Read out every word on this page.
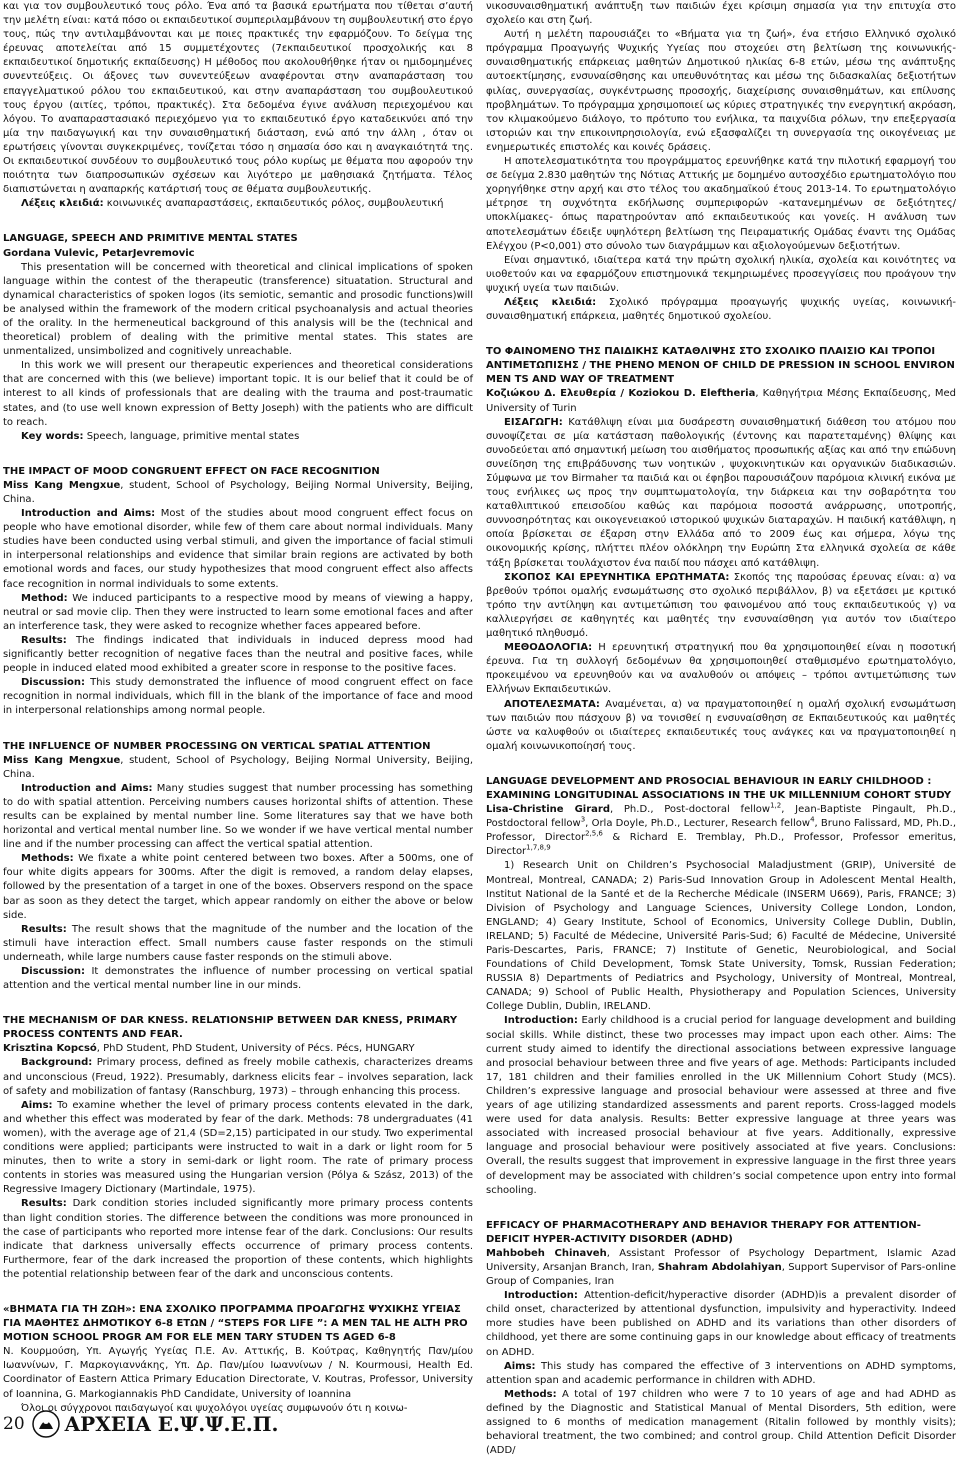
και για τον συμβουλευτικό τους ρόλο. Ένα από τα βασικά ερωτήματα που τίθεται σ’αυτή την μελέτη είναι: κατά πόσο οι εκπαιδευτικοί συμπεριλαμβάνουν τη συμβουλευτική στο έργο τους, πώς την αντιλαμβάνονται και με ποιες πρακτικές την εφαρμόζουν. Το δείγμα της έρευνας αποτελείται από 15 συμμετέχοντες (7εκπαιδευτικοί προσχολικής και 8 εκπαιδευτικοί δημοτικής εκπαίδευσης) Η μέθοδος που ακολουθήθηκε ήταν οι ημιδομημένες συνεντεύξεις. Οι άξονες των συνεντεύξεων αναφέρονται στην αναπαράσταση του επαγγελματικού ρόλου του εκπαιδευτικού, και στην αναπαράσταση του συμβουλευτικού τους έργου (αιτίες, τρόποι, πρακτικές). Στα δεδομένα έγινε ανάλυση περιεχομένου και λόγου. Το αναπαραστασιακό περιεχόμενο για το εκπαιδευτικό έργο καταδεικνύει από την μία την παιδαγωγική και την συναισθηματική διάσταση, ενώ από την άλλη , όταν οι ερωτήσεις γίνονται συγκεκριμένες, τονίζεται τόσο η σημασία όσο και η αναγκαιότητά της. Οι εκπαιδευτικοί συνδέουν το συμβουλευτικό τους ρόλο κυρίως με θέματα που αφορούν την ποιότητα των διαπροσωπικών σχέσεων και λιγότερο με μαθησιακά ζητήματα. Τέλος διαπιστώνεται η αναπαρκής κατάρτισή τους σε θέματα συμβουλευτικής.

Λέξεις κλειδιά: κοινωνικές αναπαραστάσεις, εκπαιδευτικός ρόλος, συμβουλευτική

LANGUAGE, SPEECH AND PRIMITIVE MENTAL STATES

Gordana Vulevic, PetarJevremovic

This presentation will be concerned with theoretical and clinical implications of spoken language within the contest of the therapeutic (transference) situatation. Structural and dynamical characteristics of spoken logos (its semiotic, semantic and prosodic functions)will be analysed within the framework of the modern critical psychoanalysis and actual theories of the orality. In the hermeneutical background of this analysis will be the (technical and theoretical) problem of dealing with the primitive mental states. This states are unmentalized, unsimbolized and cognitively unreachable.

In this work we will present our therapeutic experiences and theoretical considerations that are concerned with this (we believe) important topic. It is our belief that it could be of interest to all kinds of professionals that are dealing with the trauma and post-traumatic states, and (to use well known expression of Betty Joseph) with the patients who are difficult to reach.

Key words: Speech, language, primitive mental states

THE IMPACT OF MOOD CONGRUENT EFFECT ON FACE RECOGNITION

Miss Kang Mengxue, student, School of Psychology, Beijing Normal University, Beijing, China.

Introduction and Aims: Most of the studies about mood congruent effect focus on people who have emotional disorder, while few of them care about normal individuals. Many studies have been conducted using verbal stimuli, and given the importance of facial stimuli in interpersonal relationships and evidence that similar brain regions are activated by both emotional words and faces, our study hypothesizes that mood congruent effect also affects face recognition in normal individuals to some extents.

Method: We induced participants to a respective mood by means of viewing a happy, neutral or sad movie clip. Then they were instructed to learn some emotional faces and after an interference task, they were asked to recognize whether faces appeared before.

Results: The findings indicated that individuals in induced depress mood had significantly better recognition of negative faces than the neutral and positive faces, while people in induced elated mood exhibited a greater score in response to the positive faces.

Discussion: This study demonstrated the influence of mood congruent effect on face recognition in normal individuals, which fill in the blank of the importance of face and mood in interpersonal relationships among normal people.

THE INFLUENCE OF NUMBER PROCESSING ON VERTICAL SPATIAL ATTENTION

Miss Kang Mengxue, student, School of Psychology, Beijing Normal University, Beijing, China.

Introduction and Aims: Many studies suggest that number processing has something to do with spatial attention. Perceiving numbers causes horizontal shifts of attention. These results can be explained by mental number line. Some literatures say that we have both horizontal and vertical mental number line. So we wonder if we have vertical mental number line and if the number processing can affect the vertical spatial attention.

Methods: We fixate a white point centered between two boxes. After a 500ms, one of four white digits appears for 300ms. After the digit is removed, a random delay elapses, followed by the presentation of a target in one of the boxes. Observers respond on the space bar as soon as they detect the target, which appear randomly on either the above or below side.

Results: The result shows that the magnitude of the number and the location of the stimuli have interaction effect. Small numbers cause faster responds on the stimuli underneath, while large numbers cause faster responds on the stimuli above.

Discussion: It demonstrates the influence of number processing on vertical spatial attention and the vertical mental number line in our minds.

THE MECHANISM OF DAR KNESS. RELATIONSHIP BETWEEN DAR KNESS, PRIMARY PROCESS CONTENTS AND FEAR.

Krisztina Kopcsó, PhD Student, PhD Student, University of Pécs. Pécs, HUNGARY

Background: Primary process, defined as freely mobile cathexis, characterizes dreams and unconscious (Freud, 1922). Presumably, darkness elicits fear – involves separation, lack of safety and mobilization of fantasy (Ranschburg, 1973) – through enhancing this process.

Aims: To examine whether the level of primary process contents elevated in the dark, and whether this effect was moderated by fear of the dark. Methods: 78 undergraduates (41 women), with the average age of 21,4 (SD=2,15) participated in our study. Two experimental conditions were applied; participants were instructed to wait in a dark or light room for 5 minutes, then to write a story in semi-dark or light room. The rate of primary process contents in stories was measured using the Hungarian version (Pólya & Szász, 2013) of the Regressive Imagery Dictionary (Martindale, 1975).

Results: Dark condition stories included significantly more primary process contents than light condition stories. The difference between the conditions was more pronounced in the case of participants who reported more intense fear of the dark. Conclusions: Our results indicate that darkness universally effects occurrence of primary process contents. Furthermore, fear of the dark increased the proportion of these contents, which highlights the potential relationship between fear of the dark and unconscious contents.

«ΒΗΜΑΤΑ ΓΙΑ ΤΗ ΖΩΗ»: ΕΝΑ ΣΧΟΛΙΚΟ ΠΡΟΓΡΑΜΜΑ ΠΡΟΑΓΩΓΗΣ ΨΥΧΙΚΗΣ ΥΓΕΙΑΣ ΓΙΑ ΜΑΘΗΤΕΣ ΔΗΜΟΤΙΚΟΥ 6-8 ΕΤΩΝ / “STEPS FOR LIFE ”: A MEN TAL HE ALTH PRO MOTION SCHOOL PROGR AM FOR ELE MEN TARY STUDEN TS AGED 6-8

N. Κουρμούση, Υπ. Αγωγής Υγείας Π.Ε. Αν. Αττικής, Β. Κούτρας, Καθηγητής Παν/μίου Ιωαννίνων, Γ. Μαρκογιαννάκης, Υπ. Δρ. Παν/μίου Ιωαννίνων / N. Kourmousi, Health Ed. Coordinator of Eastern Attica Primary Education Directorate, V. Koutras, Professor, University of Ioannina, G. Markogiannakis PhD Candidate, University of Ioannina

Όλοι οι σύγχρονοι παιδαγωγοί και ψυχολόγοι υγείας συμφωνούν ότι η κοινω-

νικοσυναισθηματική ανάπτυξη των παιδιών έχει κρίσιμη σημασία για την επιτυχία στο σχολείο και στη ζωή.

Αυτή η μελέτη παρουσιάζει το «Βήματα για τη ζωή», ένα ετήσιο Ελληνικό σχολικό πρόγραμμα Προαγωγής Ψυχικής Υγείας που στοχεύει στη βελτίωση της κοινωνικής-συναισθηματικής επάρκειας μαθητών Δημοτικού ηλικίας 6-8 ετών, μέσω της ανάπτυξης αυτοεκτίμησης, ενσυναίσθησης και υπευθυνότητας και μέσω της διδασκαλίας δεξιοτήτων φιλίας, συνεργασίας, συγκέντρωσης προσοχής, διαχείρισης συναισθημάτων, και επίλυσης προβλημάτων. Το πρόγραμμα χρησιμοποιεί ως κύριες στρατηγικές την ενεργητική ακρόαση, τον κλιμακούμενο διάλογο, το πρότυπο του ενήλικα, τα παιχνίδια ρόλων, την επεξεργασία ιστοριών και την επικοινπρησιολογία, ενώ εξασφαλίζει τη συνεργασία της οικογένειας με ενημερωτικές επιστολές και κοινές δράσεις.

Η αποτελεσματικότητα του προγράμματος ερευνήθηκε κατά την πιλοτική εφαρμογή του σε δείγμα 2.830 μαθητών της Νότιας Αττικής με δομημένο αυτοσχέδιο ερωτηματολόγιο που χορηγήθηκε στην αρχή και στο τέλος του ακαδημαϊκού έτους 2013-14. Το ερωτηματολόγιο μέτρησε τη συχνότητα εκδήλωσης συμπεριφορών -κατανεμημένων σε δεξιότητες/υποκλίμακες- όπως παρατηρούνταν από εκπαιδευτικούς και γονείς. Η ανάλυση των αποτελεσμάτων έδειξε υψηλότερη βελτίωση της Πειραματικής Ομάδας έναντι της Ομάδας Ελέγχου (P<0,001) στο σύνολο των διαγράμμων και αξιολογούμενων δεξιοτήτων.

Είναι σημαντικό, ιδιαίτερα κατά την πρώτη σχολική ηλικία, σχολεία και κοινότητες να υιοθετούν και να εφαρμόζουν επιστημονικά τεκμηριωμένες προσεγγίσεις που προάγουν την ψυχική υγεία των παιδιών.

Λέξεις κλειδιά: Σχολικό πρόγραμμα προαγωγής ψυχικής υγείας, κοινωνική-συναισθηματική επάρκεια, μαθητές δημοτικού σχολείου.

ΤΟ ΦΑΙΝΟΜΕΝΟ ΤΗΣ ΠΑΙΔΙΚΗΣ ΚΑΤΑΘΛΙΨΗΣ ΣΤΟ ΣΧΟΛΙΚΟ ΠΛΑΙΣΙΟ ΚΑΙ ΤΡΟΠΟΙ ΑΝΤΙΜΕΤΩΠΙΣΗΣ / THE PHENO MENON OF CHILD DE PRESSION IN SCHOOL ENVIRON MEN TS AND WAY OF TREATMENT

Κοζιώκου Δ. Ελευθερία / Koziokou D. Eleftheria, Καθηγήτρια Μέσης Εκπαίδευσης, Med University of Turin

ΕΙΣΑΓΩΓΗ: Κατάθλιψη είναι μια δυσάρεστη συναισθηματική διάθεση του ατόμου που συνοψίζεται σε μία κατάσταση παθολογικής (έντονης και παρατεταμένης) θλίψης και συνοδεύεται από σημαντική μείωση του αισθήματος προσωπικής αξίας και από την επώδυνη συνείδηση της επιβράδυνσης των νοητικών , ψυχοκινητικών και οργανικών διαδικασιών. Σύμφωνα με τον Birmaher τα παιδιά και οι έφηβοι παρουσιάζουν παρόμοια κλινική εικόνα με τους ενήλικες ως προς την συμπτωματολογία, την διάρκεια και την σοβαρότητα του καταθλιπτικού επεισοδίου καθώς και παρόμοια ποσοστά ανάρρωσης, υποτροπής, συννοσηρότητας και οικογενειακού ιστορικού ψυχικών διαταραχών. Η παιδική κατάθλιψη, η οποία βρίσκεται σε έξαρση στην Ελλάδα από το 2009 έως και σήμερα, λόγω της οικονομικής κρίσης, πλήττει πλέον ολόκληρη την Ευρώπη Στα ελληνικά σχολεία σε κάθε τάξη βρίσκεται τουλάχιστον ένα παιδί που πάσχει από κατάθλιψη.

ΣΚΟΠΟΣ ΚΑΙ ΕΡΕΥΝΗΤΙΚΑ ΕΡΩΤΗΜΑΤΑ: Σκοπός της παρούσας έρευνας είναι: α) να βρεθούν τρόποι ομαλής ενσωμάτωσης στο σχολικό περιβάλλον, β) να εξετάσει με κριτικό τρόπο την αντίληψη και αντιμετώπιση του φαινομένου από τους εκπαιδευτικούς γ) να καλλιεργήσει σε καθηγητές και μαθητές την ενσυναίσθηση για αυτόν τον ιδιαίτερο μαθητικό πληθυσμό.

ΜΕΘΟΔΟΛΟΓΙΑ: Η ερευνητική στρατηγική που θα χρησιμοποιηθεί είναι η ποσοτική έρευνα. Για τη συλλογή δεδομένων θα χρησιμοποιηθεί σταθμισμένο ερωτηματολόγιο, προκειμένου να ερευνηθούν και να αναλυθούν οι απόψεις – τρόποι αντιμετώπισης των Ελλήνων Εκπαιδευτικών.

ΑΠΟΤΕΛΕΣΜΑΤΑ: Αναμένεται, α) να πραγματοποιηθεί η ομαλή σχολική ενσωμάτωση των παιδιών που πάσχουν β) να τονισθεί η ενσυναίσθηση σε Εκπαιδευτικούς και μαθητές ώστε να καλυφθούν οι ιδιαίτερες εκπαιδευτικές τους ανάγκες και να πραγματοποιηθεί η ομαλή κοινωνικοποίησή τους.

LANGUAGE DEVELOPMENT AND PROSOCIAL BEHAVIOUR IN EARLY CHILDHOOD : EXAMINING LONGITUDINAL ASSOCIATIONS IN THE UK MILLENNIUM COHORT STUDY

Lisa-Christine Girard, Ph.D., Post-doctoral fellow$^{1,2}$, Jean-Baptiste Pingault, Ph.D., Postdoctoral fellow$^3$, Orla Doyle, Ph.D., Lecturer, Research fellow$^4$, Bruno Falissard, MD, Ph.D., Professor, Director$^{2,5,6}$ & Richard E. Tremblay, Ph.D., Professor, Professor emeritus, Director$^{1,7,8,9}$

1) Research Unit on Children’s Psychosocial Maladjustment (GRIP), Université de Montreal, Montreal, CANADA; 2) Paris-Sud Innovation Group in Adolescent Mental Health, Institut National de la Santé et de la Recherche Médicale (INSERM U669), Paris, FRANCE; 3) Division of Psychology and Language Sciences, University College London, London, ENGLAND; 4) Geary Institute, School of Economics, University College Dublin, Dublin, IRELAND; 5) Faculté de Médecine, Université Paris-Sud; 6) Faculté de Médecine, Université Paris-Descartes, Paris, FRANCE; 7) Institute of Genetic, Neurobiological, and Social Foundations of Child Development, Tomsk State University, Tomsk, Russian Federation; RUSSIA 8) Departments of Pediatrics and Psychology, University of Montreal, Montreal, CANADA; 9) School of Public Health, Physiotherapy and Population Sciences, University College Dublin, Dublin, IRELAND.

Introduction: Early childhood is a crucial period for language development and building social skills. While distinct, these two processes may impact upon each other. Aims: The current study aimed to identify the directional associations between expressive language and prosocial behaviour between three and five years of age. Methods: Participants included 17, 181 children and their families enrolled in the UK Millennium Cohort Study (MCS). Children’s expressive language and prosocial behaviour were assessed at three and five years of age utilizing standardized assessments and parent reports. Cross-lagged models were used for data analysis. Results: Better expressive language at three years was associated with increased prosocial behaviour at five years. Additionally, expressive language and prosocial behaviour were positively associated at five years. Conclusions: Overall, the results suggest that improvement in expressive language in the first three years of development may be associated with children’s social competence upon entry into formal schooling.

EFFICACY OF PHARMACOTHERAPY AND BEHAVIOR THERAPY FOR ATTENTION-DEFICIT HYPER-ACTIVITY DISORDER (ADHD)

Mahbobeh Chinaveh, Assistant Professor of Psychology Department, Islamic Azad University, Arsanjan Branch, Iran, Shahram Abdolahiyan, Support Supervisor of Pars-online Group of Companies, Iran

Introduction: Attention-deficit/hyperactive disorder (ADHD)is a prevalent disorder of child onset, characterized by attentional dysfunction, impulsivity and hyperactivity. Indeed more studies have been published on ADHD and its variations than other disorders of childhood, yet there are some continuing gaps in our knowledge about efficacy of treatments on ADHD.

Aims: This study has compared the effective of 3 interventions on ADHD symptoms, attention span and academic performance in children with ADHD.

Methods: A total of 197 children who were 7 to 10 years of age and had ADHD as defined by the Diagnostic and Statistical Manual of Mental Disorders, 5th edition, were assigned to 6 months of medication management (Ritalin followed by monthly visits); behavioral treatment, the two combined; and control group. Child Attention Deficit Disorder (ADD/

20 ΑΡΧΕΙΑ Ε.Ψ.Ψ.Ε.Π.
